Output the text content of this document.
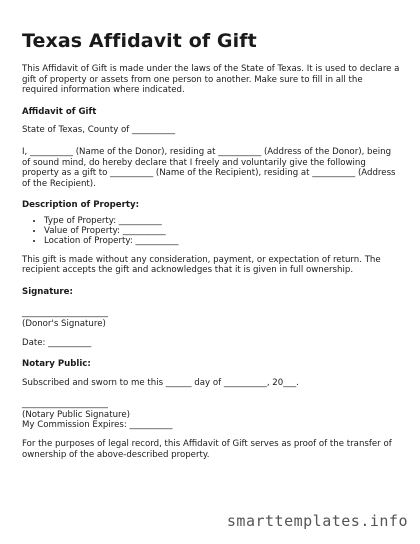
Texas Affidavit of Gift

This Affidavit of Gift is made under the laws of the State of Texas. It is used to declare a gift of property or assets from one person to another. Make sure to fill in all the required information where indicated.

Affidavit of Gift

State of Texas, County of __________

I, __________ (Name of the Donor), residing at __________ (Address of the Donor), being of sound mind, do hereby declare that I freely and voluntarily give the following property as a gift to __________ (Name of the Recipient), residing at __________ (Address of the Recipient).

Description of Property:

• Type of Property: __________
• Value of Property: __________
• Location of Property: __________

This gift is made without any consideration, payment, or expectation of return. The recipient accepts the gift and acknowledges that it is given in full ownership.

Signature:

____________________

(Donor's Signature)

Date: __________

Notary Public:

Subscribed and sworn to me this ______ day of __________, 20___.

____________________

(Notary Public Signature)

My Commission Expires: __________

For the purposes of legal record, this Affidavit of Gift serves as proof of the transfer of ownership of the above-described property.

smarttemplates.info
